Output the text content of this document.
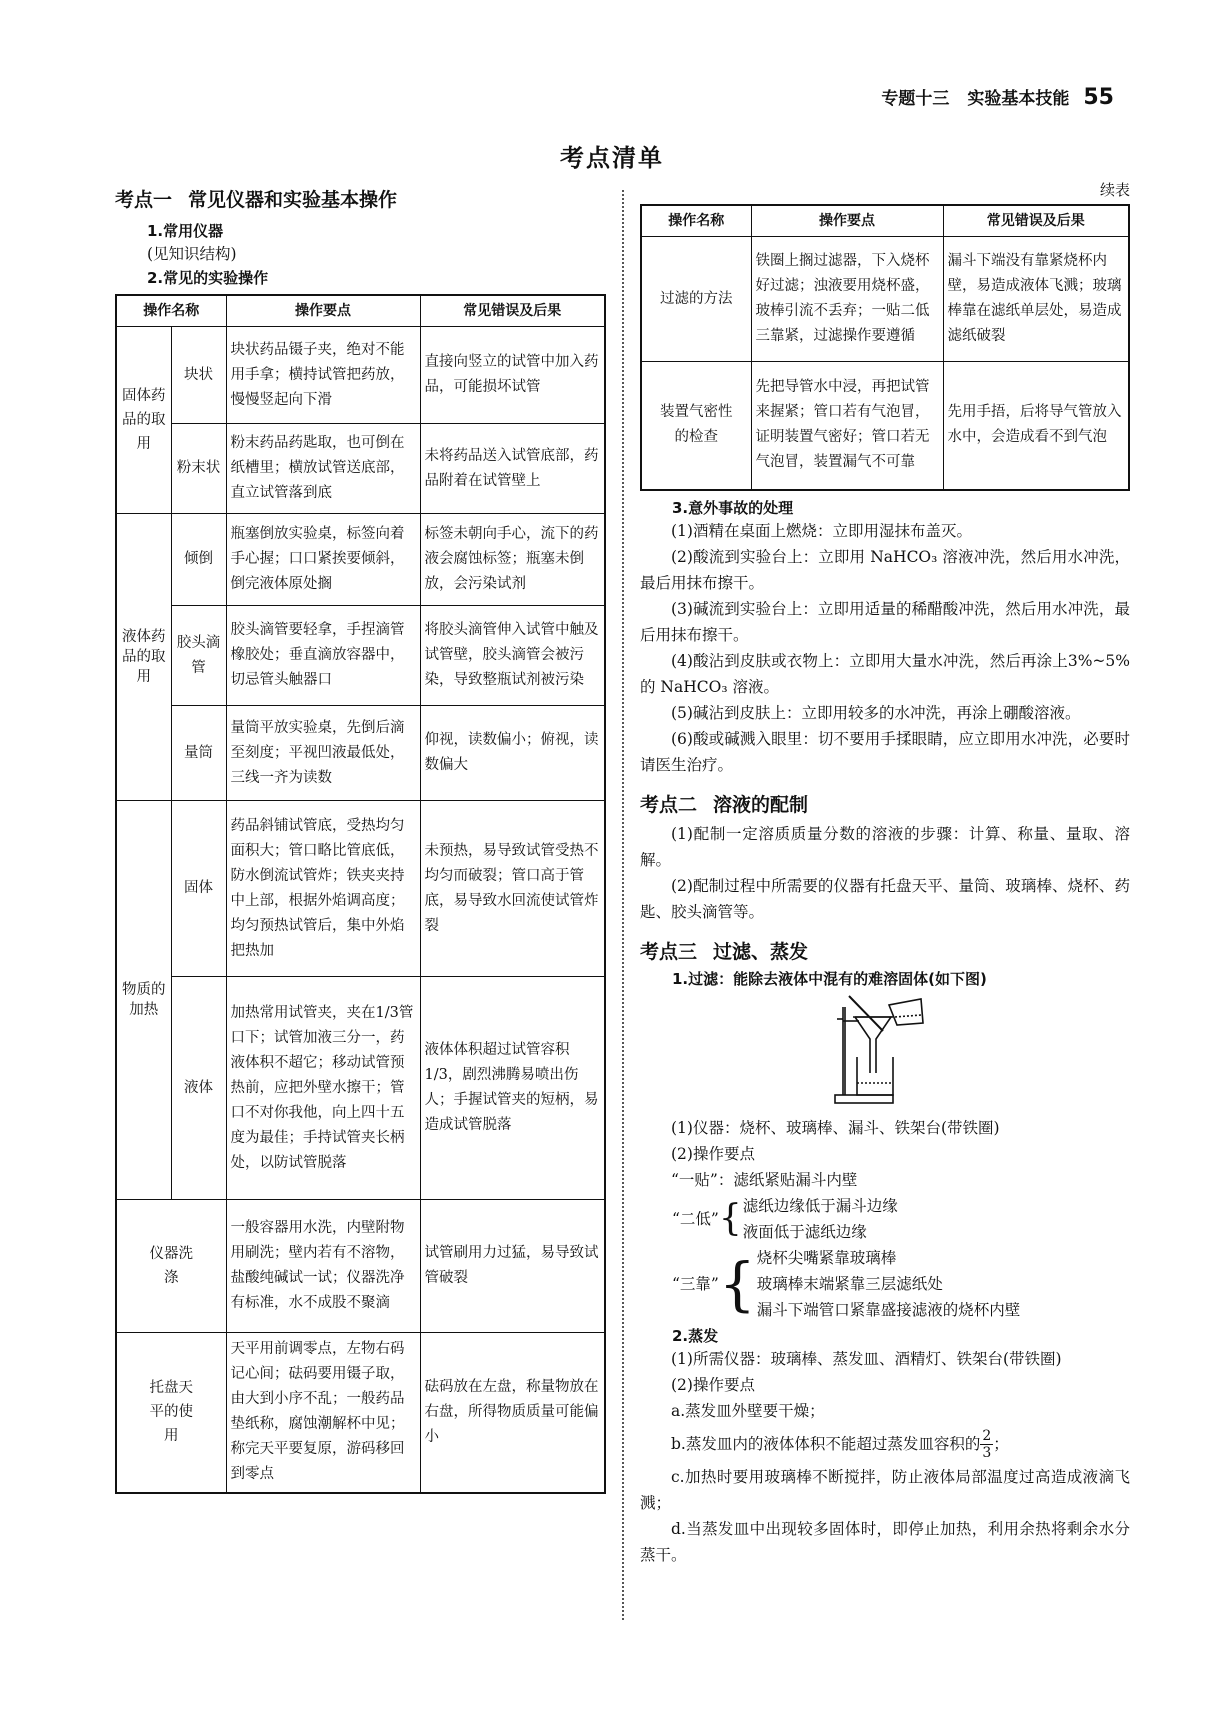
专题十三 实验基本技能 55
考点清单

考点一 常见仪器和实验基本操作

1.常用仪器

(见知识结构)

2.常见的实验操作

操作名称		操作要点	常见错误及后果
固体药品的取用	块状	块状药品镊子夹，绝对不能用手拿；横持试管把药放，慢慢竖起向下滑	直接向竖立的试管中加入药品，可能损坏试管
	粉末状	粉末药品药匙取，也可倒在纸槽里；横放试管送底部，直立试管落到底	未将药品送入试管底部，药品附着在试管壁上
液体药品的取用	倾倒	瓶塞倒放实验桌，标签向着手心握；口口紧挨要倾斜，倒完液体原处搁	标签未朝向手心，流下的药液会腐蚀标签；瓶塞未倒放，会污染试剂
	胶头滴管	胶头滴管要轻拿，手捏滴管橡胶处；垂直滴放容器中，切忌管头触器口	将胶头滴管伸入试管中触及试管壁，胶头滴管会被污染，导致整瓶试剂被污染
	量筒	量筒平放实验桌，先倒后滴至刻度；平视凹液最低处，三线一齐为读数	仰视，读数偏小；俯视，读数偏大
物质的加热	固体	药品斜铺试管底，受热均匀面积大；管口略比管底低，防水倒流试管炸；铁夹夹持中上部，根据外焰调高度；均匀预热试管后，集中外焰把热加	未预热，易导致试管受热不均匀而破裂；管口高于管底，易导致水回流使试管炸裂
	液体	加热常用试管夹，夹在1/3管口下；试管加液三分一，药液体积不超它；移动试管预热前，应把外壁水擦干；管口不对你我他，向上四十五度为最佳；手持试管夹长柄处，以防试管脱落	液体体积超过试管容积1/3，剧烈沸腾易喷出伤人；手握试管夹的短柄，易造成试管脱落
仪器洗涤		一般容器用水洗，内壁附物用刷洗；壁内若有不溶物，盐酸纯碱试一试；仪器洗净有标准，水不成股不聚滴	试管刷用力过猛，易导致试管破裂
托盘天平的使用		天平用前调零点，左物右码记心间；砝码要用镊子取，由大到小序不乱；一般药品垫纸称，腐蚀潮解杯中见；称完天平要复原，游码移回到零点	砝码放在左盘，称量物放在右盘，所得物质质量可能偏小
续表
操作名称	操作要点	常见错误及后果
过滤的方法	铁圈上搁过滤器，下入烧杯好过滤；浊液要用烧杯盛，玻棒引流不丢弃；一贴二低三靠紧，过滤操作要遵循	漏斗下端没有靠紧烧杯内壁，易造成液体飞溅；玻璃棒靠在滤纸单层处，易造成滤纸破裂
装置气密性的检查	先把导管水中浸，再把试管来握紧；管口若有气泡冒，证明装置气密好；管口若无气泡冒，装置漏气不可靠	先用手捂，后将导气管放入水中，会造成看不到气泡

3.意外事故的处理

(1)酒精在桌面上燃烧：立即用湿抹布盖灭。

(2)酸流到实验台上：立即用 NaHCO₃ 溶液冲洗，然后用水冲洗，最后用抹布擦干。

(3)碱流到实验台上：立即用适量的稀醋酸冲洗，然后用水冲洗，最后用抹布擦干。

(4)酸沾到皮肤或衣物上：立即用大量水冲洗，然后再涂上3%~5%的 NaHCO₃ 溶液。

(5)碱沾到皮肤上：立即用较多的水冲洗，再涂上硼酸溶液。

(6)酸或碱溅入眼里：切不要用手揉眼睛，应立即用水冲洗，必要时请医生治疗。

考点二 溶液的配制

(1)配制一定溶质质量分数的溶液的步骤：计算、称量、量取、溶解。

(2)配制过程中所需要的仪器有托盘天平、量筒、玻璃棒、烧杯、药匙、胶头滴管等。

考点三 过滤、蒸发

1.过滤：能除去液体中混有的难溶固体(如下图)

(1)仪器：烧杯、玻璃棒、漏斗、铁架台(带铁圈)

(2)操作要点

“一贴”：滤纸紧贴漏斗内壁

“二低” { 滤纸边缘低于漏斗边缘
液面低于滤纸边缘
“三靠” { 烧杯尖嘴紧靠玻璃棒
玻璃棒末端紧靠三层滤纸处
漏斗下端管口紧靠盛接滤液的烧杯内壁

2.蒸发

(1)所需仪器：玻璃棒、蒸发皿、酒精灯、铁架台(带铁圈)

(2)操作要点

a.蒸发皿外壁要干燥；

b.蒸发皿内的液体体积不能超过蒸发皿容积的 $\frac{2}{3}$ ；

c.加热时要用玻璃棒不断搅拌，防止液体局部温度过高造成液滴飞溅；

d.当蒸发皿中出现较多固体时，即停止加热，利用余热将剩余水分蒸干。
